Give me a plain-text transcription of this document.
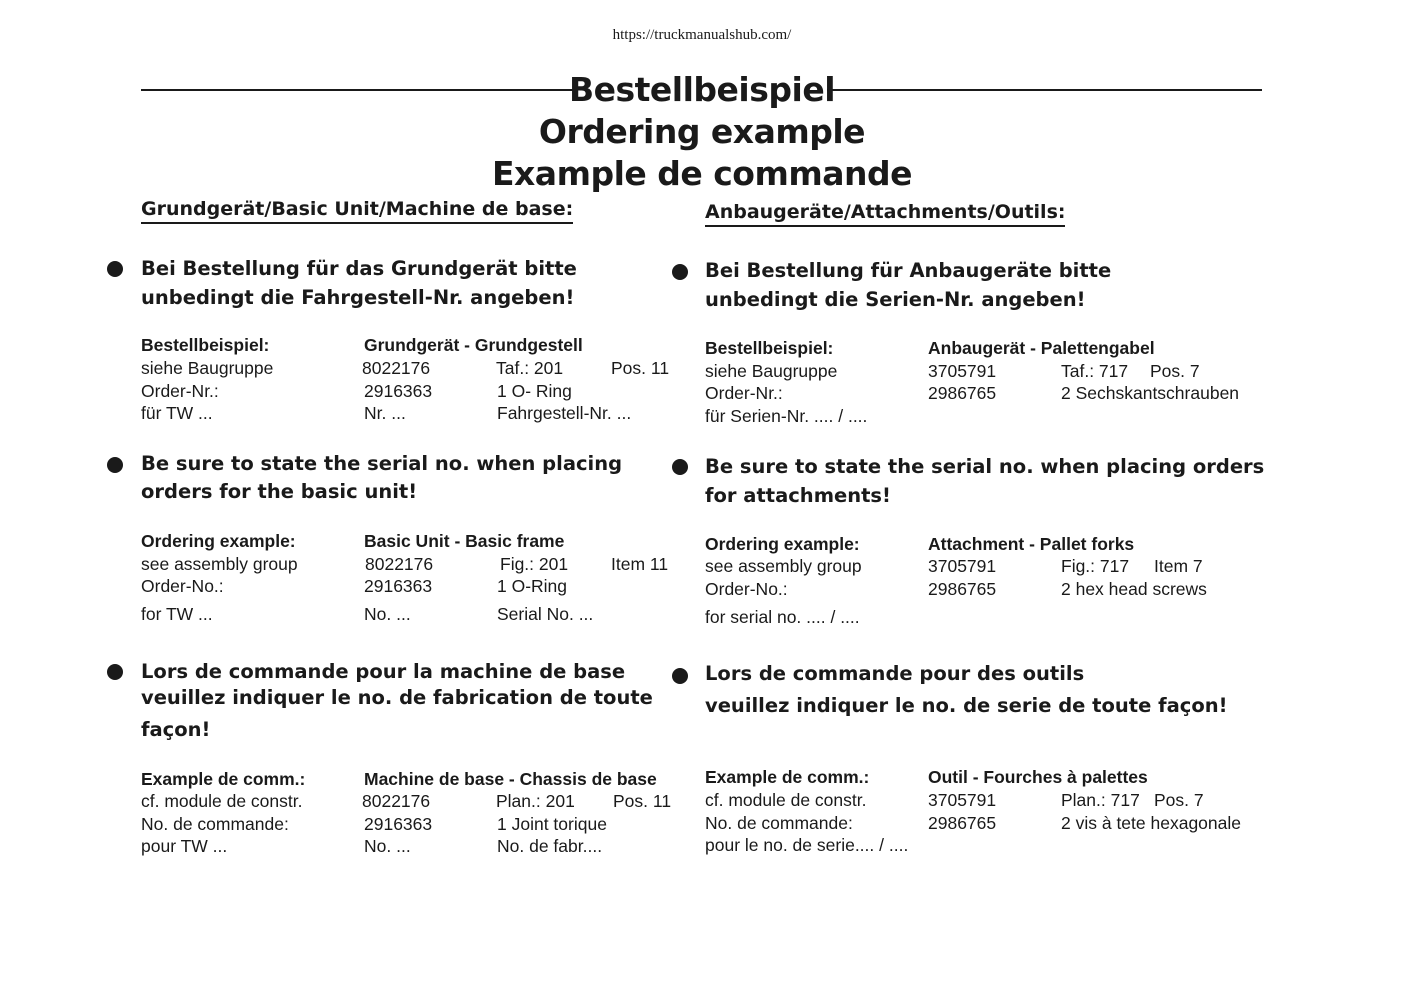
https://truckmanualshub.com/
Bestellbeispiel
Ordering example
Example de commande
Grundgerät/Basic Unit/Machine de base:
Bei Bestellung für das Grundgerät bitte
unbedingt die Fahrgestell-Nr. angeben!
Bestellbeispiel:	Grundgerät - Grundgestell
siehe Baugruppe	8022176	Taf.: 201	Pos. 11
Order-Nr.:	2916363	1 O- Ring
für TW ...	Nr. ...	Fahrgestell-Nr. ...
Be sure to state the serial no. when placing
orders for the basic unit!
Ordering example:	Basic Unit - Basic frame
see assembly group	8022176	Fig.: 201 Item 11
Order-No.:	2916363	1 O-Ring
for TW ...	No. ...	Serial No. ...
Lors de commande pour la machine de base
veuillez indiquer le no. de fabrication de toute
façon!
Example de comm.:	Machine de base - Chassis de base
cf. module de constr.	8022176	Plan.: 201 Pos. 11
No. de commande:	2916363	1 Joint torique
pour TW ...	No. ...	No. de fabr....
Anbaugeräte/Attachments/Outils:
Bei Bestellung für Anbaugeräte bitte
unbedingt die Serien-Nr. angeben!
Bestellbeispiel:	Anbaugerät - Palettengabel
siehe Baugruppe	3705791	Taf.: 717 Pos. 7
Order-Nr.:	2986765	2 Sechskantschrauben
für Serien-Nr. .... / ....
Be sure to state the serial no. when placing orders
for attachments!
Ordering example:	Attachment - Pallet forks
see assembly group	3705791	Fig.: 717 Item 7
Order-No.:	2986765	2 hex head screws
for serial no. .... / ....
Lors de commande pour des outils
veuillez indiquer le no. de serie de toute façon!
Example de comm.:	Outil - Fourches à palettes
cf. module de constr.	3705791	Plan.: 717 Pos. 7
No. de commande:	2986765	2 vis à tete hexagonale
pour le no. de serie.... / ....
